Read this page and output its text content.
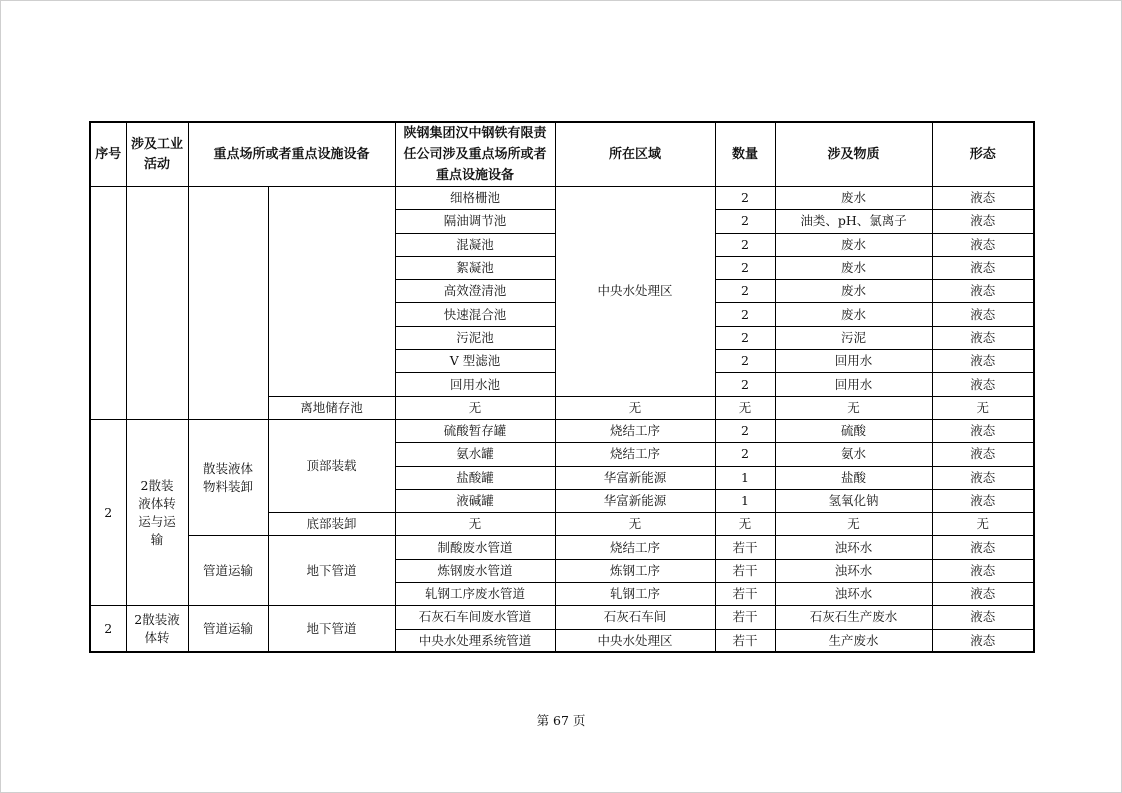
序号	涉及工业活动	重点场所或者重点设施设备		陕钢集团汉中钢铁有限责任公司涉及重点场所或者重点设施设备	所在区域	数量	涉及物质	形态
				细格栅池	中央水处理区	2	废水	液态
				隔油调节池		2	油类、pH、氯离子	液态
				混凝池		2	废水	液态
				絮凝池		2	废水	液态
				高效澄清池		2	废水	液态
				快速混合池		2	废水	液态
				污泥池		2	污泥	液态
				V 型滤池		2	回用水	液态
				回用水池		2	回用水	液态
			离地储存池	无	无	无	无	无
2	2散装液体转运与运输	散装液体物料装卸	顶部装载	硫酸暂存罐	烧结工序	2	硫酸	液态
				氨水罐	烧结工序	2	氨水	液态
				盐酸罐	华富新能源	1	盐酸	液态
				液碱罐	华富新能源	1	氢氧化钠	液态
			底部装卸	无	无	无	无	无
		管道运输	地下管道	制酸废水管道	烧结工序	若干	浊环水	液态
				炼钢废水管道	炼钢工序	若干	浊环水	液态
				轧钢工序废水管道	轧钢工序	若干	浊环水	液态
2	2散装液体转	管道运输	地下管道	石灰石车间废水管道	石灰石车间	若干	石灰石生产废水	液态
				中央水处理系统管道	中央水处理区	若干	生产废水	液态
第 67 页
